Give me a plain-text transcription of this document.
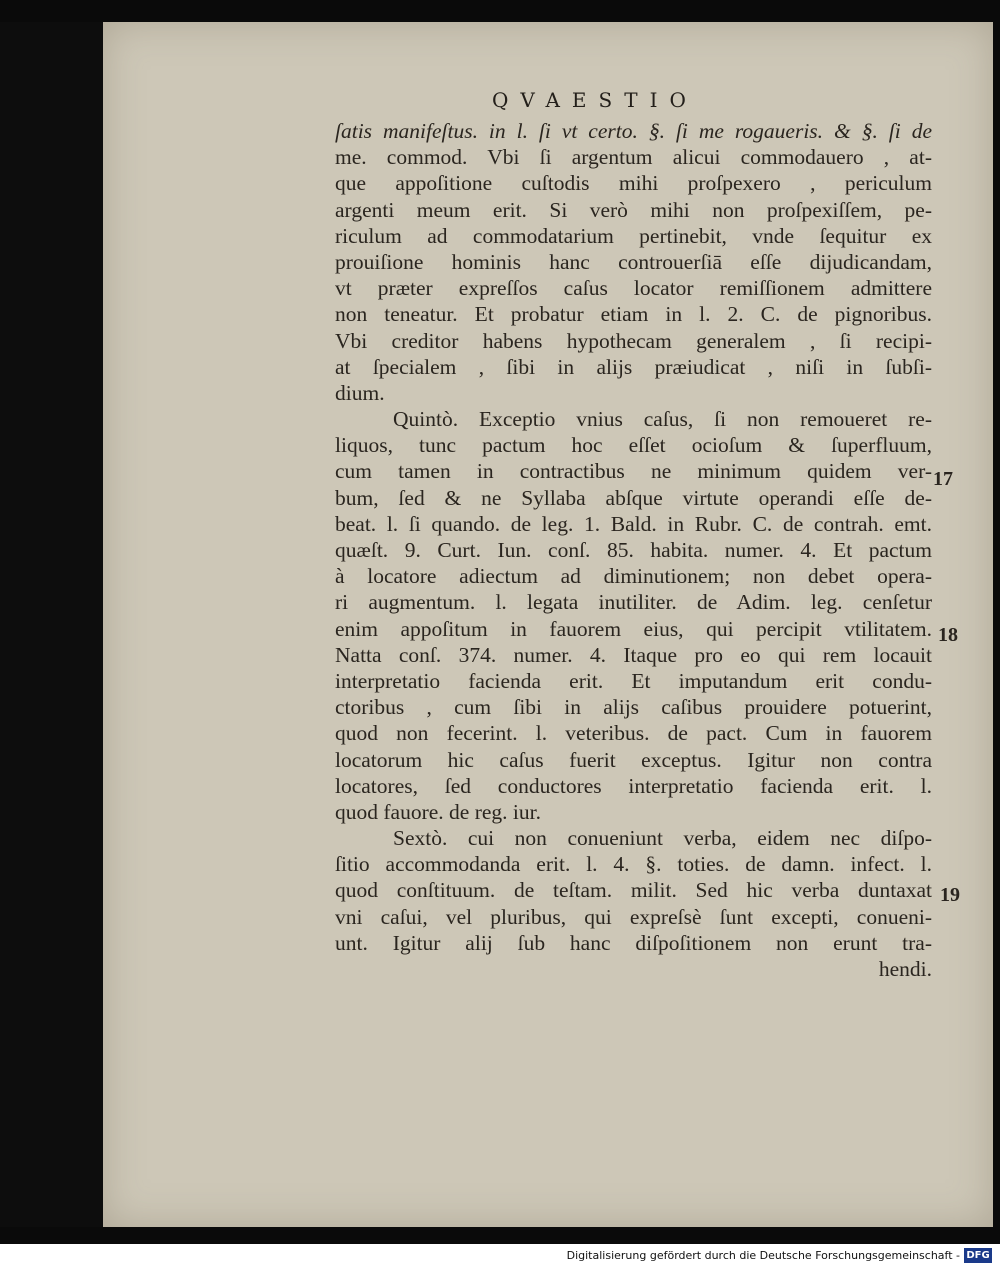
QVAESTIO
ſatis manifeſtus. in l. ſi vt certo. §. ſi me rogaueris. & §. ſi de
me. commod. Vbi ſi argentum alicui commodauero , at-
que appoſitione cuſtodis mihi proſpexero , periculum
argenti meum erit. Si verò mihi non proſpexiſſem, pe-
riculum ad commodatarium pertinebit, vnde ſequitur ex
prouiſione hominis hanc controuerſiā eſſe dijudicandam,
vt præter expreſſos caſus locator remiſſionem admittere
non teneatur. Et probatur etiam in l. 2. C. de pignoribus.
Vbi creditor habens hypothecam generalem , ſi recipi-
at ſpecialem , ſibi in alijs præiudicat , niſi in ſubſi-
dium.
Quintò. Exceptio vnius caſus, ſi non remoueret re-
liquos, tunc pactum hoc eſſet ocioſum & ſuperfluum,
cum tamen in contractibus ne minimum quidem ver-
bum, ſed & ne Syllaba abſque virtute operandi eſſe de-
beat. l. ſi quando. de leg. 1. Bald. in Rubr. C. de contrah. emt.
quæſt. 9. Curt. Iun. conſ. 85. habita. numer. 4. Et pactum
à locatore adiectum ad diminutionem; non debet opera-
ri augmentum. l. legata inutiliter. de Adim. leg. cenſetur
enim appoſitum in fauorem eius, qui percipit vtilitatem.
Natta conſ. 374. numer. 4. Itaque pro eo qui rem locauit
interpretatio facienda erit. Et imputandum erit condu-
ctoribus , cum ſibi in alijs caſibus prouidere potuerint,
quod non fecerint. l. veteribus. de pact. Cum in fauorem
locatorum hic caſus fuerit exceptus. Igitur non contra
locatores, ſed conductores interpretatio facienda erit. l.
quod fauore. de reg. iur.
Sextò. cui non conueniunt verba, eidem nec diſpo-
ſitio accommodanda erit. l. 4. §. toties. de damn. infect. l.
quod conſtituum. de teſtam. milit. Sed hic verba duntaxat
vni caſui, vel pluribus, qui expreſsè ſunt excepti, conueni-
unt. Igitur alij ſub hanc diſpoſitionem non erunt tra-
hendi.
17
18
19
Digitalisierung gefördert durch die Deutsche Forschungsgemeinschaft - DFG
